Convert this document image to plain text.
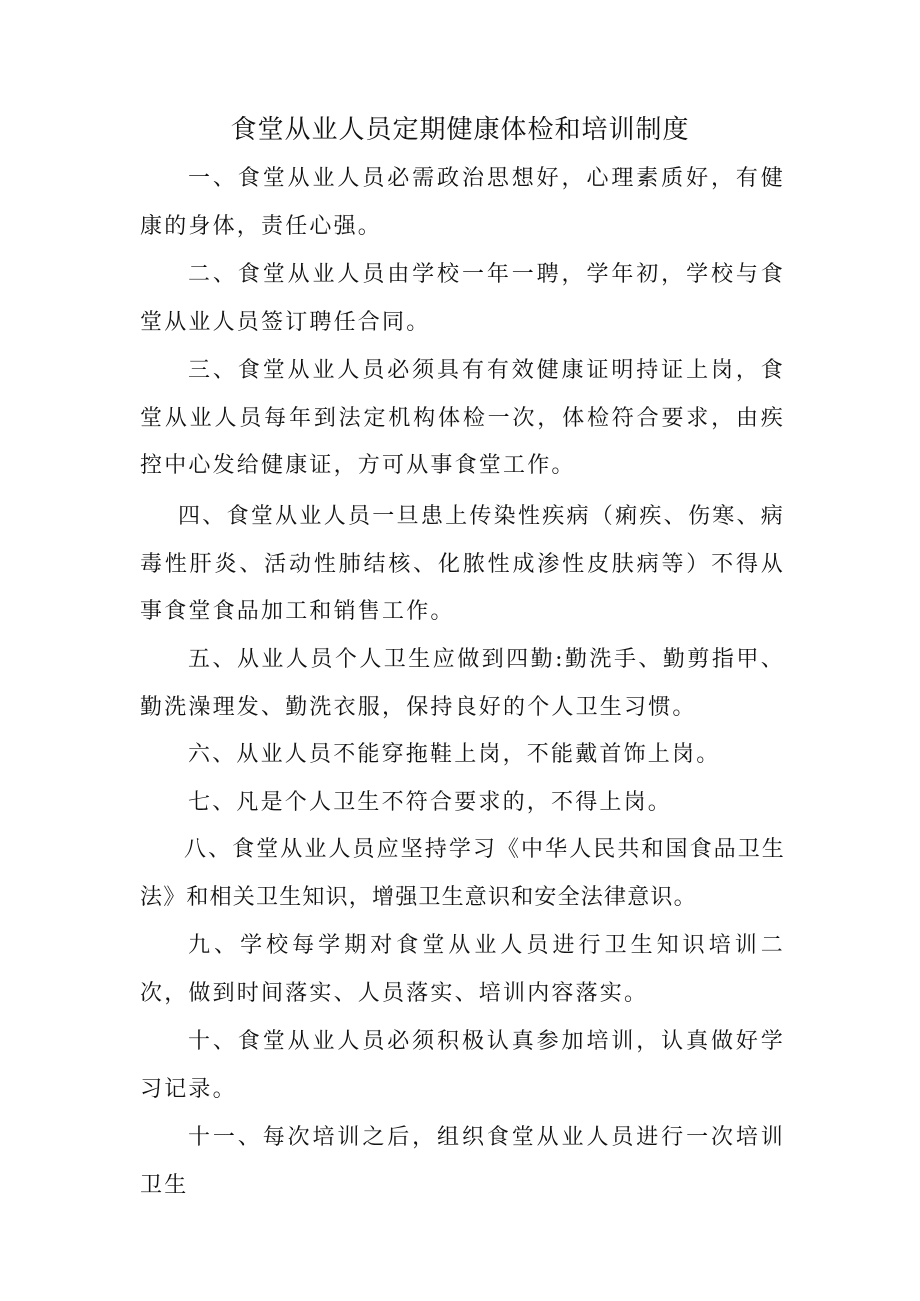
食堂从业人员定期健康体检和培训制度

一、食堂从业人员必需政治思想好，心理素质好，有健康的身体，责任心强。

二、食堂从业人员由学校一年一聘，学年初，学校与食堂从业人员签订聘任合同。

三、食堂从业人员必须具有有效健康证明持证上岗，食堂从业人员每年到法定机构体检一次，体检符合要求，由疾控中心发给健康证，方可从事食堂工作。

四、食堂从业人员一旦患上传染性疾病（痢疾、伤寒、病毒性肝炎、活动性肺结核、化脓性成渗性皮肤病等）不得从事食堂食品加工和销售工作。

五、从业人员个人卫生应做到四勤:勤洗手、勤剪指甲、勤洗澡理发、勤洗衣服，保持良好的个人卫生习惯。

六、从业人员不能穿拖鞋上岗，不能戴首饰上岗。

七、凡是个人卫生不符合要求的，不得上岗。

八、食堂从业人员应坚持学习《中华人民共和国食品卫生法》和相关卫生知识，增强卫生意识和安全法律意识。

九、学校每学期对食堂从业人员进行卫生知识培训二次，做到时间落实、人员落实、培训内容落实。

十、食堂从业人员必须积极认真参加培训，认真做好学习记录。

十一、每次培训之后，组织食堂从业人员进行一次培训卫生
